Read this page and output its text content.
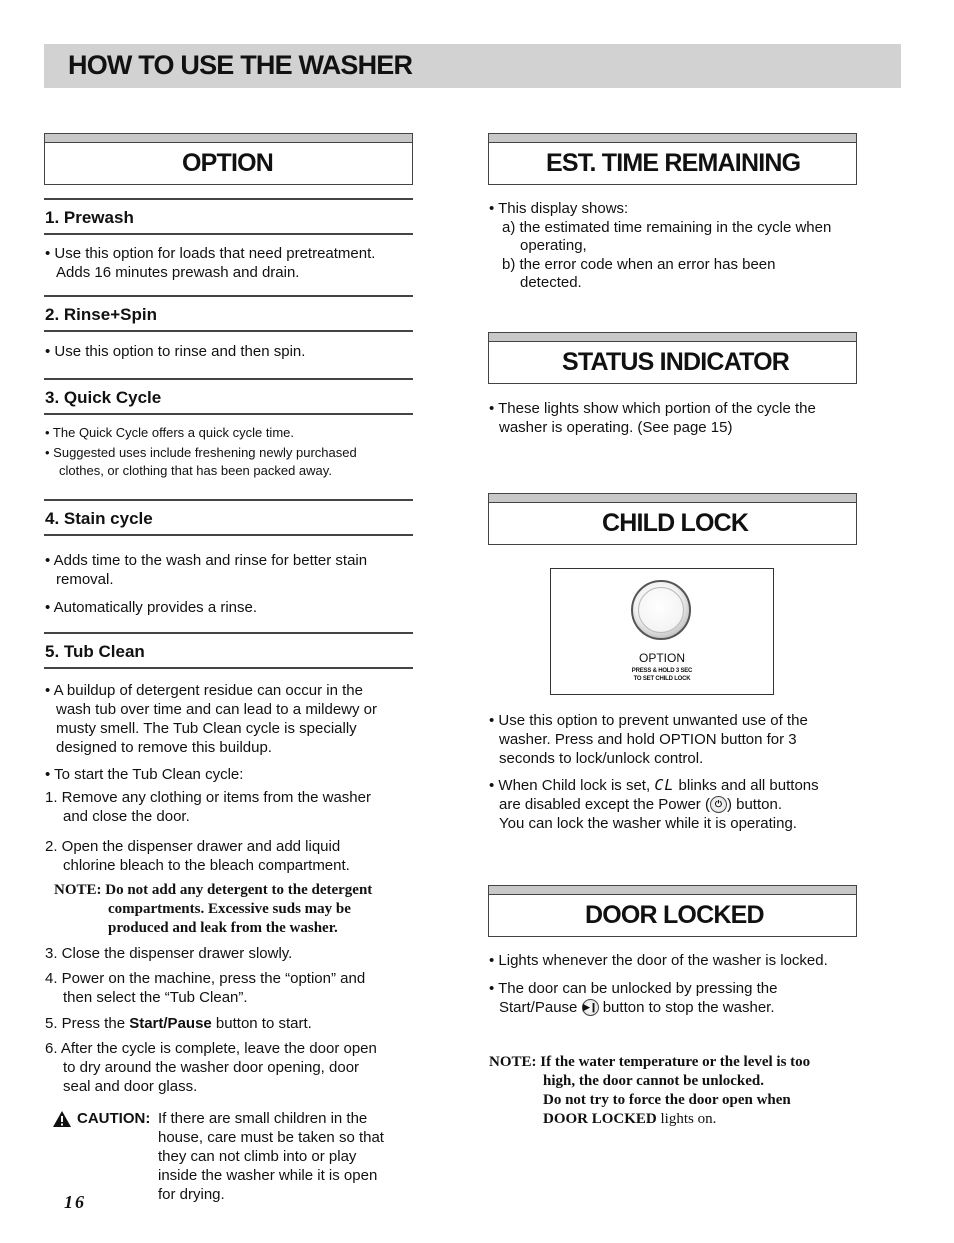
HOW TO USE THE WASHER
OPTION
1. Prewash
• Use this option for loads that need pretreatment.
Adds 16 minutes prewash and drain.
2. Rinse+Spin
• Use this option to rinse and then spin.
3. Quick Cycle
• The Quick Cycle offers a quick cycle time.
• Suggested uses include freshening newly purchased
clothes, or clothing that has been packed away.
4. Stain cycle
• Adds time to the wash and rinse for better stain
removal.
• Automatically provides a rinse.
5. Tub Clean
• A buildup of detergent residue can occur in the
wash tub over time and can lead to a mildewy or
musty smell. The Tub Clean cycle is specially
designed to remove this buildup.
• To start the Tub Clean cycle:
1. Remove any clothing or items from the washer
and close the door.
2. Open the dispenser drawer and add liquid
chlorine bleach to the bleach compartment.
NOTE: Do not add any detergent to the detergent
compartments. Excessive suds may be
produced and leak from the washer.
3. Close the dispenser drawer slowly.
4. Power on the machine, press the “option” and
then select the “Tub Clean”.
5. Press the Start/Pause button to start.
6. After the cycle is complete, leave the door open
to dry around the washer door opening, door
seal and door glass.
CAUTION: If there are small children in the
house, care must be taken so that
they can not climb into or play
inside the washer while it is open
for drying.
16
EST. TIME REMAINING
• This display shows:
a) the estimated time remaining in the cycle when
operating,
b) the error code when an error has been
detected.
STATUS INDICATOR
• These lights show which portion of the cycle the
washer is operating. (See page 15)
CHILD LOCK
OPTION
PRESS & HOLD 3 SEC
TO SET CHILD LOCK
• Use this option to prevent unwanted use of the
washer. Press and hold OPTION button for 3
seconds to lock/unlock control.
• When Child lock is set, CL blinks and all buttons
are disabled except the Power ( ⏻ ) button.
You can lock the washer while it is operating.
DOOR LOCKED
• Lights whenever the door of the washer is locked.
• The door can be unlocked by pressing the
Start/Pause ▶❙ button to stop the washer.
NOTE: If the water temperature or the level is too
high, the door cannot be unlocked.
Do not try to force the door open when
DOOR LOCKED lights on.
